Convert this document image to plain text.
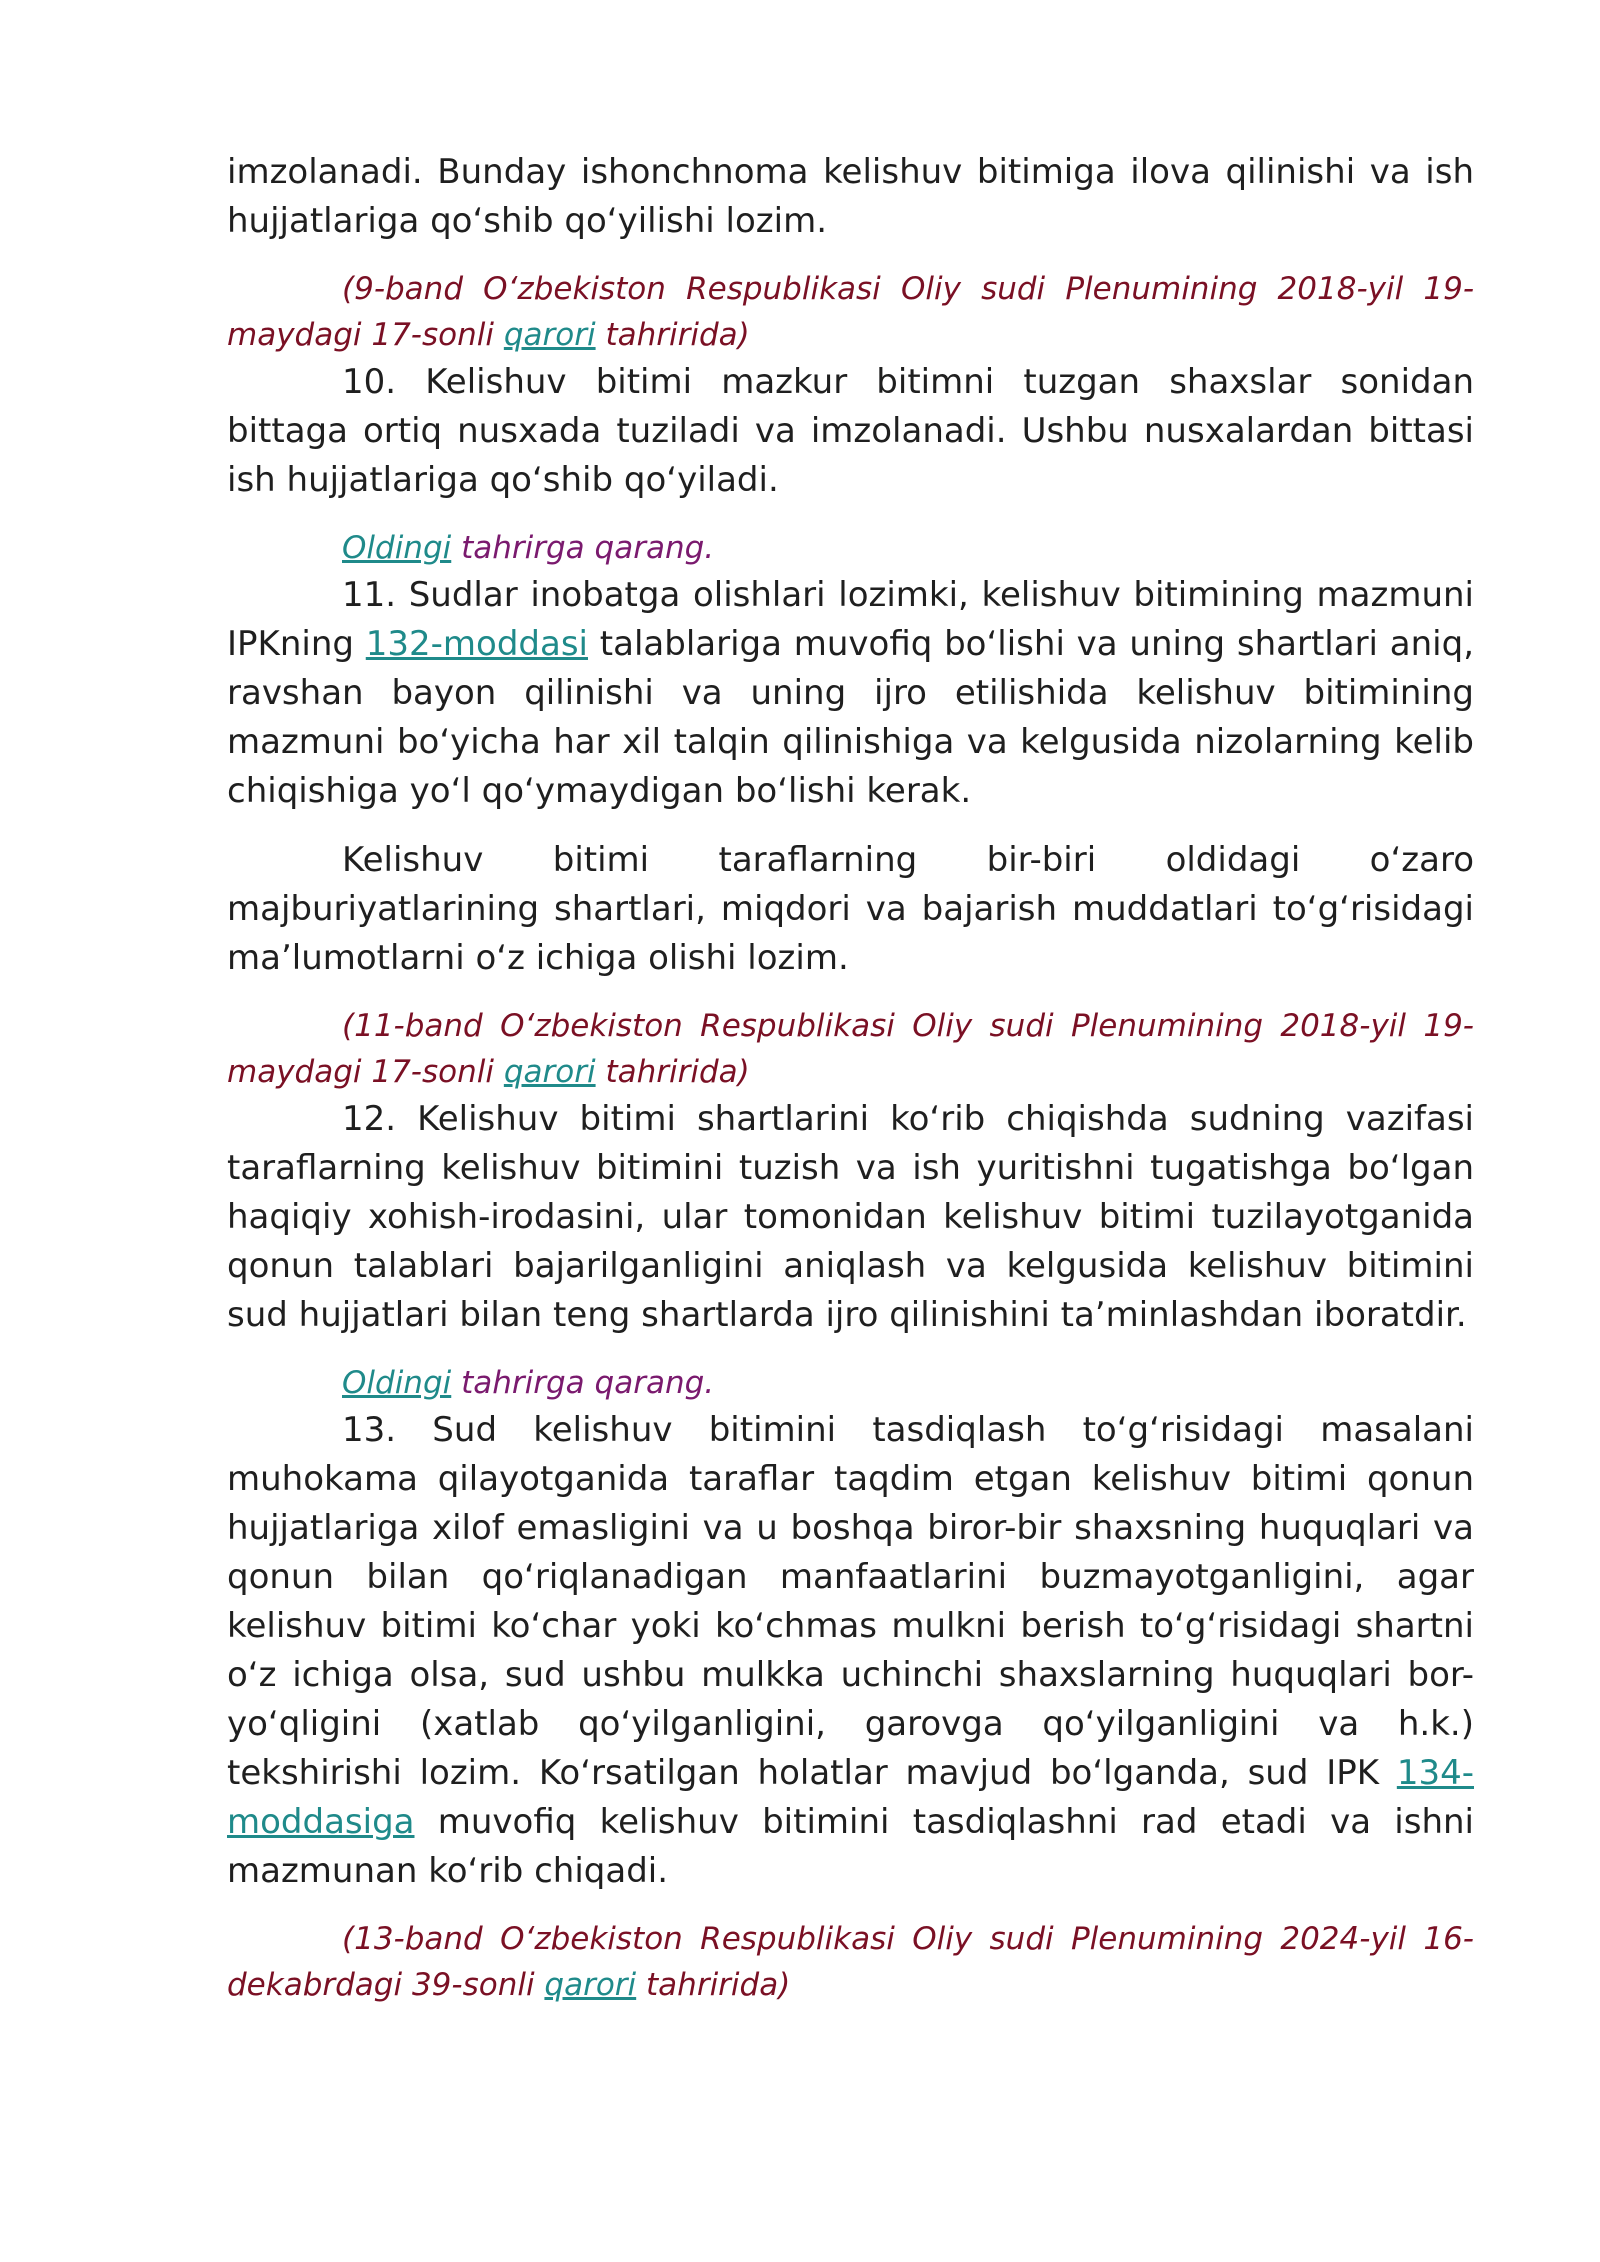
imzolanadi. Bunday ishonchnoma kelishuv bitimiga ilova qilinishi va ish hujjatlariga qo‘shib qo‘yilishi lozim.

(9-band O‘zbekiston Respublikasi Oliy sudi Plenumining 2018-yil 19-maydagi 17-sonli qarori tahririda)

10. Kelishuv bitimi mazkur bitimni tuzgan shaxslar sonidan bittaga ortiq nusxada tuziladi va imzolanadi. Ushbu nusxalardan bittasi ish hujjatlariga qo‘shib qo‘yiladi.

Oldingi tahrirga qarang.

11. Sudlar inobatga olishlari lozimki, kelishuv bitimining mazmuni IPKning 132-moddasi talablariga muvofiq bo‘lishi va uning shartlari aniq, ravshan bayon qilinishi va uning ijro etilishida kelishuv bitimining mazmuni bo‘yicha har xil talqin qilinishiga va kelgusida nizolarning kelib chiqishiga yo‘l qo‘ymaydigan bo‘lishi kerak.

Kelishuv bitimi taraflarning bir-biri oldidagi o‘zaro majburiyatlarining shartlari, miqdori va bajarish muddatlari to‘g‘risidagi ma’lumotlarni o‘z ichiga olishi lozim.

(11-band O‘zbekiston Respublikasi Oliy sudi Plenumining 2018-yil 19-maydagi 17-sonli qarori tahririda)

12. Kelishuv bitimi shartlarini ko‘rib chiqishda sudning vazifasi taraflarning kelishuv bitimini tuzish va ish yuritishni tugatishga bo‘lgan haqiqiy xohish-irodasini, ular tomonidan kelishuv bitimi tuzilayotganida qonun talablari bajarilganligini aniqlash va kelgusida kelishuv bitimini sud hujjatlari bilan teng shartlarda ijro qilinishini ta’minlashdan iboratdir.

Oldingi tahrirga qarang.

13. Sud kelishuv bitimini tasdiqlash to‘g‘risidagi masalani muhokama qilayotganida taraflar taqdim etgan kelishuv bitimi qonun hujjatlariga xilof emasligini va u boshqa biror-bir shaxsning huquqlari va qonun bilan qo‘riqlanadigan manfaatlarini buzmayotganligini, agar kelishuv bitimi ko‘char yoki ko‘chmas mulkni berish to‘g‘risidagi shartni o‘z ichiga olsa, sud ushbu mulkka uchinchi shaxslarning huquqlari bor-yo‘qligini (xatlab qo‘yilganligini, garovga qo‘yilganligini va h.k.) tekshirishi lozim. Ko‘rsatilgan holatlar mavjud bo‘lganda, sud IPK 134-moddasiga muvofiq kelishuv bitimini tasdiqlashni rad etadi va ishni mazmunan ko‘rib chiqadi.

(13-band O‘zbekiston Respublikasi Oliy sudi Plenumining 2024-yil 16-dekabrdagi 39-sonli qarori tahririda)
